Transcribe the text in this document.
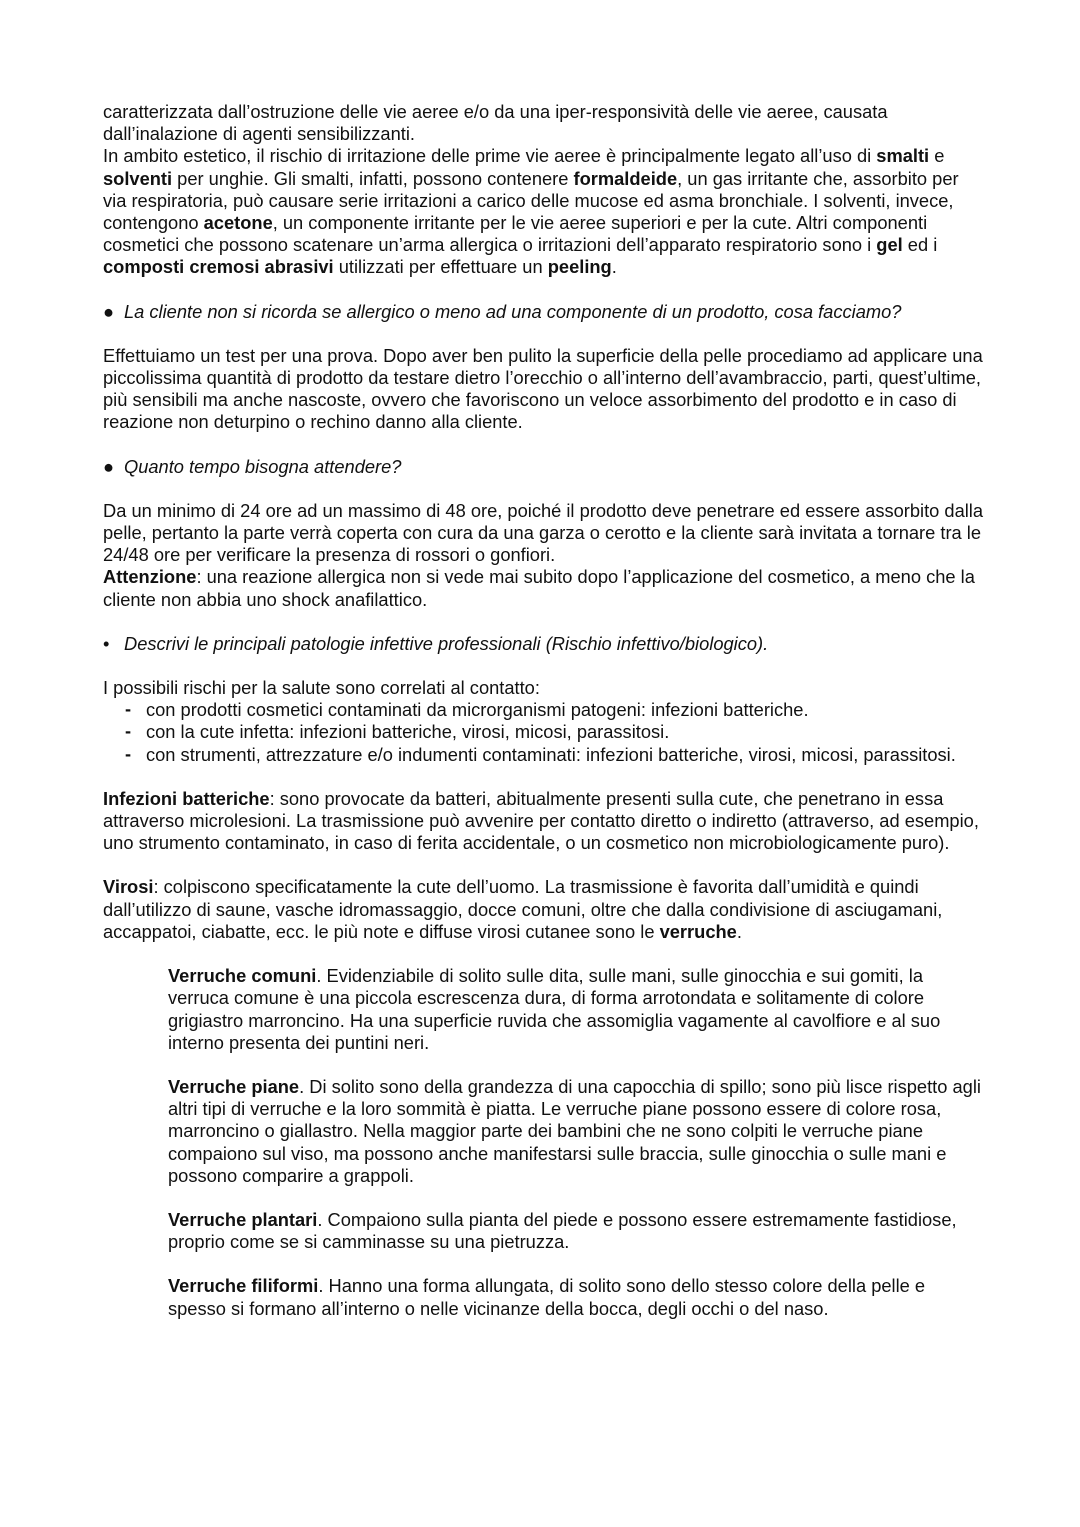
caratterizzata dall’ostruzione delle vie aeree e/o da una iper-responsività delle vie aeree, causata dall’inalazione di agenti sensibilizzanti.

In ambito estetico, il rischio di irritazione delle prime vie aeree è principalmente legato all’uso di smalti e solventi per unghie. Gli smalti, infatti, possono contenere formaldeide, un gas irritante che, assorbito per via respiratoria, può causare serie irritazioni a carico delle mucose ed asma bronchiale. I solventi, invece, contengono acetone, un componente irritante per le vie aeree superiori e per la cute. Altri componenti cosmetici che possono scatenare un’arma allergica o irritazioni dell’apparato respiratorio sono i gel ed i composti cremosi abrasivi utilizzati per effettuare un peeling.

● La cliente non si ricorda se allergico o meno ad una componente di un prodotto, cosa facciamo?

Effettuiamo un test per una prova. Dopo aver ben pulito la superficie della pelle procediamo ad applicare una piccolissima quantità di prodotto da testare dietro l’orecchio o all’interno dell’avambraccio, parti, quest’ultime, più sensibili ma anche nascoste, ovvero che favoriscono un veloce assorbimento del prodotto e in caso di reazione non deturpino o rechino danno alla cliente.

● Quanto tempo bisogna attendere?

Da un minimo di 24 ore ad un massimo di 48 ore, poiché il prodotto deve penetrare ed essere assorbito dalla pelle, pertanto la parte verrà coperta con cura da una garza o cerotto e la cliente sarà invitata a tornare tra le 24/48 ore per verificare la presenza di rossori o gonfiori.

Attenzione: una reazione allergica non si vede mai subito dopo l’applicazione del cosmetico, a meno che la cliente non abbia uno shock anafilattico.

• Descrivi le principali patologie infettive professionali (Rischio infettivo/biologico).

I possibili rischi per la salute sono correlati al contatto:

- con prodotti cosmetici contaminati da microrganismi patogeni: infezioni batteriche.
- con la cute infetta: infezioni batteriche, virosi, micosi, parassitosi.
- con strumenti, attrezzature e/o indumenti contaminati: infezioni batteriche, virosi, micosi, parassitosi.

Infezioni batteriche: sono provocate da batteri, abitualmente presenti sulla cute, che penetrano in essa attraverso microlesioni. La trasmissione può avvenire per contatto diretto o indiretto (attraverso, ad esempio, uno strumento contaminato, in caso di ferita accidentale, o un cosmetico non microbiologicamente puro).

Virosi: colpiscono specificatamente la cute dell’uomo. La trasmissione è favorita dall’umidità e quindi dall’utilizzo di saune, vasche idromassaggio, docce comuni, oltre che dalla condivisione di asciugamani, accappatoi, ciabatte, ecc. le più note e diffuse virosi cutanee sono le verruche.

Verruche comuni. Evidenziabile di solito sulle dita, sulle mani, sulle ginocchia e sui gomiti, la verruca comune è una piccola escrescenza dura, di forma arrotondata e solitamente di colore grigiastro marroncino. Ha una superficie ruvida che assomiglia vagamente al cavolfiore e al suo interno presenta dei puntini neri.

Verruche piane. Di solito sono della grandezza di una capocchia di spillo; sono più lisce rispetto agli altri tipi di verruche e la loro sommità è piatta. Le verruche piane possono essere di colore rosa, marroncino o giallastro. Nella maggior parte dei bambini che ne sono colpiti le verruche piane compaiono sul viso, ma possono anche manifestarsi sulle braccia, sulle ginocchia o sulle mani e possono comparire a grappoli.

Verruche plantari. Compaiono sulla pianta del piede e possono essere estremamente fastidiose, proprio come se si camminasse su una pietruzza.

Verruche filiformi. Hanno una forma allungata, di solito sono dello stesso colore della pelle e spesso si formano all’interno o nelle vicinanze della bocca, degli occhi o del naso.
